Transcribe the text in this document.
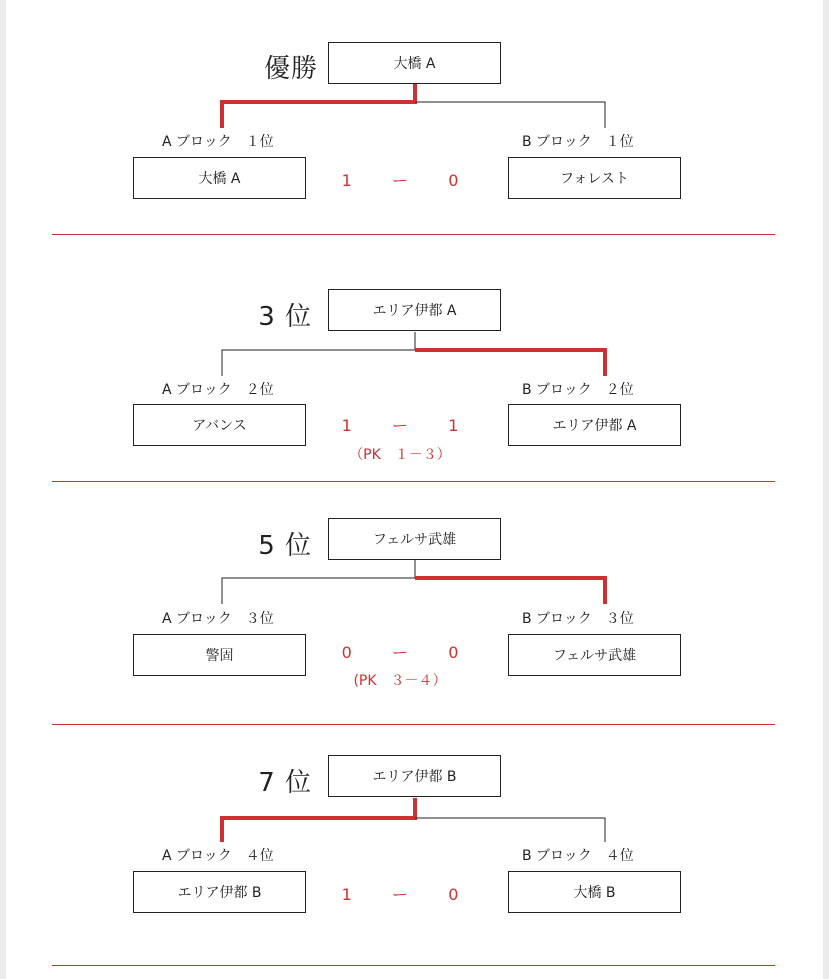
優勝	大橋 A
A ブロック　１位	B ブロック　１位
大橋 A	フォレスト
1	ー	0
3 位	エリア伊都 A
A ブロック　２位	B ブロック　２位
アバンス	エリア伊都 A
1	ー	1
（PK　１－３）
5 位	フェルサ武雄
A ブロック　３位	B ブロック　３位
警固	フェルサ武雄
0	ー	0
(PK　３－４）
7 位	エリア伊都 B
A ブロック　４位	B ブロック　４位
エリア伊都 B	大橋 B
1	ー	0
